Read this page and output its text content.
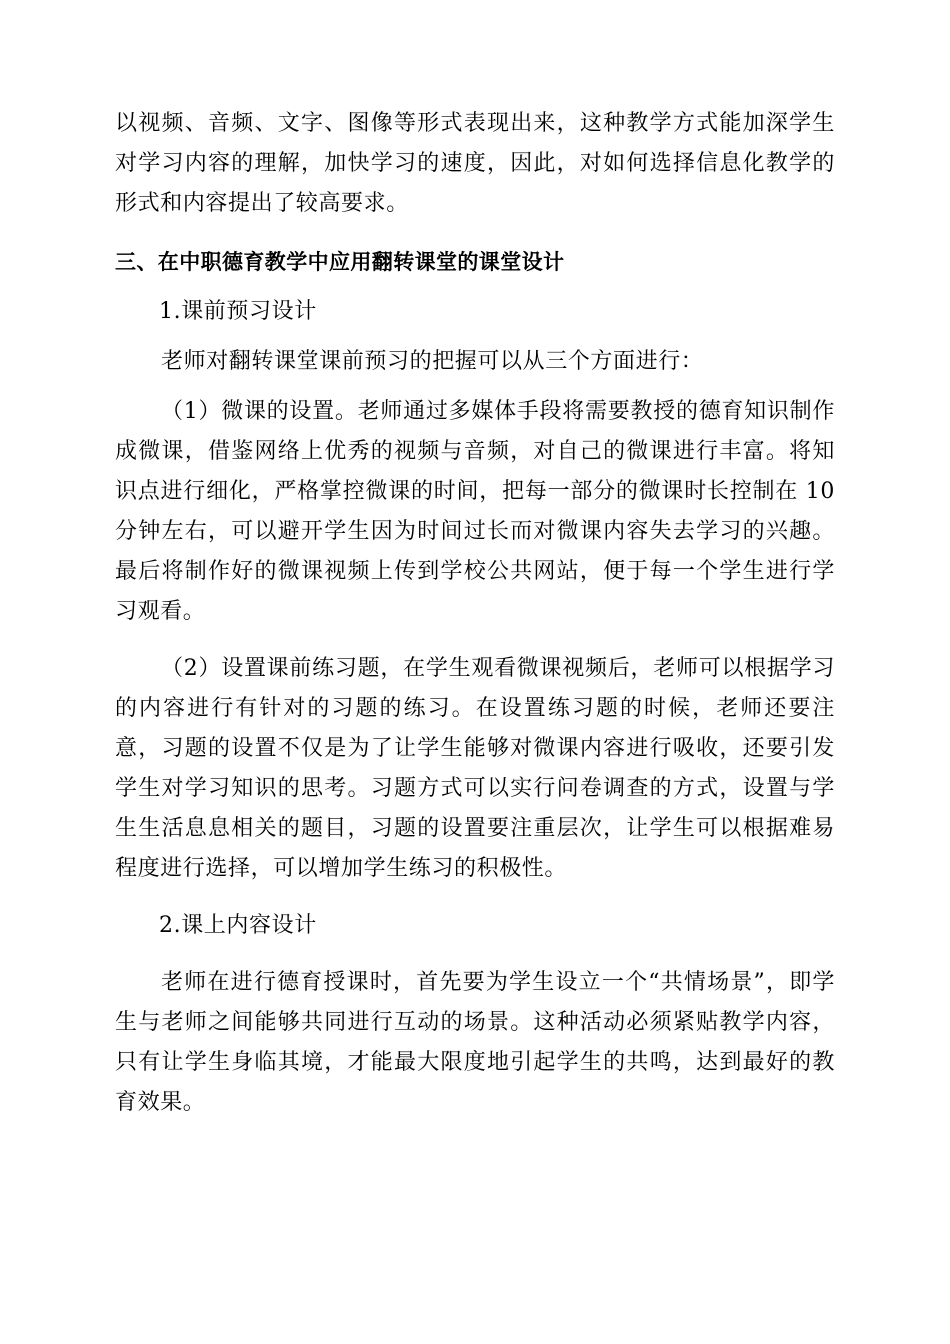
以视频、音频、文字、图像等形式表现出来，这种教学方式能加深学生对学习内容的理解，加快学习的速度，因此，对如何选择信息化教学的形式和内容提出了较高要求。

三、在中职德育教学中应用翻转课堂的课堂设计

1.课前预习设计

老师对翻转课堂课前预习的把握可以从三个方面进行：

（1）微课的设置。老师通过多媒体手段将需要教授的德育知识制作成微课，借鉴网络上优秀的视频与音频，对自己的微课进行丰富。将知识点进行细化，严格掌控微课的时间，把每一部分的微课时长控制在 10 分钟左右，可以避开学生因为时间过长而对微课内容失去学习的兴趣。最后将制作好的微课视频上传到学校公共网站，便于每一个学生进行学习观看。

（2）设置课前练习题，在学生观看微课视频后，老师可以根据学习的内容进行有针对的习题的练习。在设置练习题的时候，老师还要注意，习题的设置不仅是为了让学生能够对微课内容进行吸收，还要引发学生对学习知识的思考。习题方式可以实行问卷调查的方式，设置与学生生活息息相关的题目，习题的设置要注重层次，让学生可以根据难易程度进行选择，可以增加学生练习的积极性。

2.课上内容设计

老师在进行德育授课时，首先要为学生设立一个“共情场景”，即学生与老师之间能够共同进行互动的场景。这种活动必须紧贴教学内容，只有让学生身临其境，才能最大限度地引起学生的共鸣，达到最好的教育效果。
